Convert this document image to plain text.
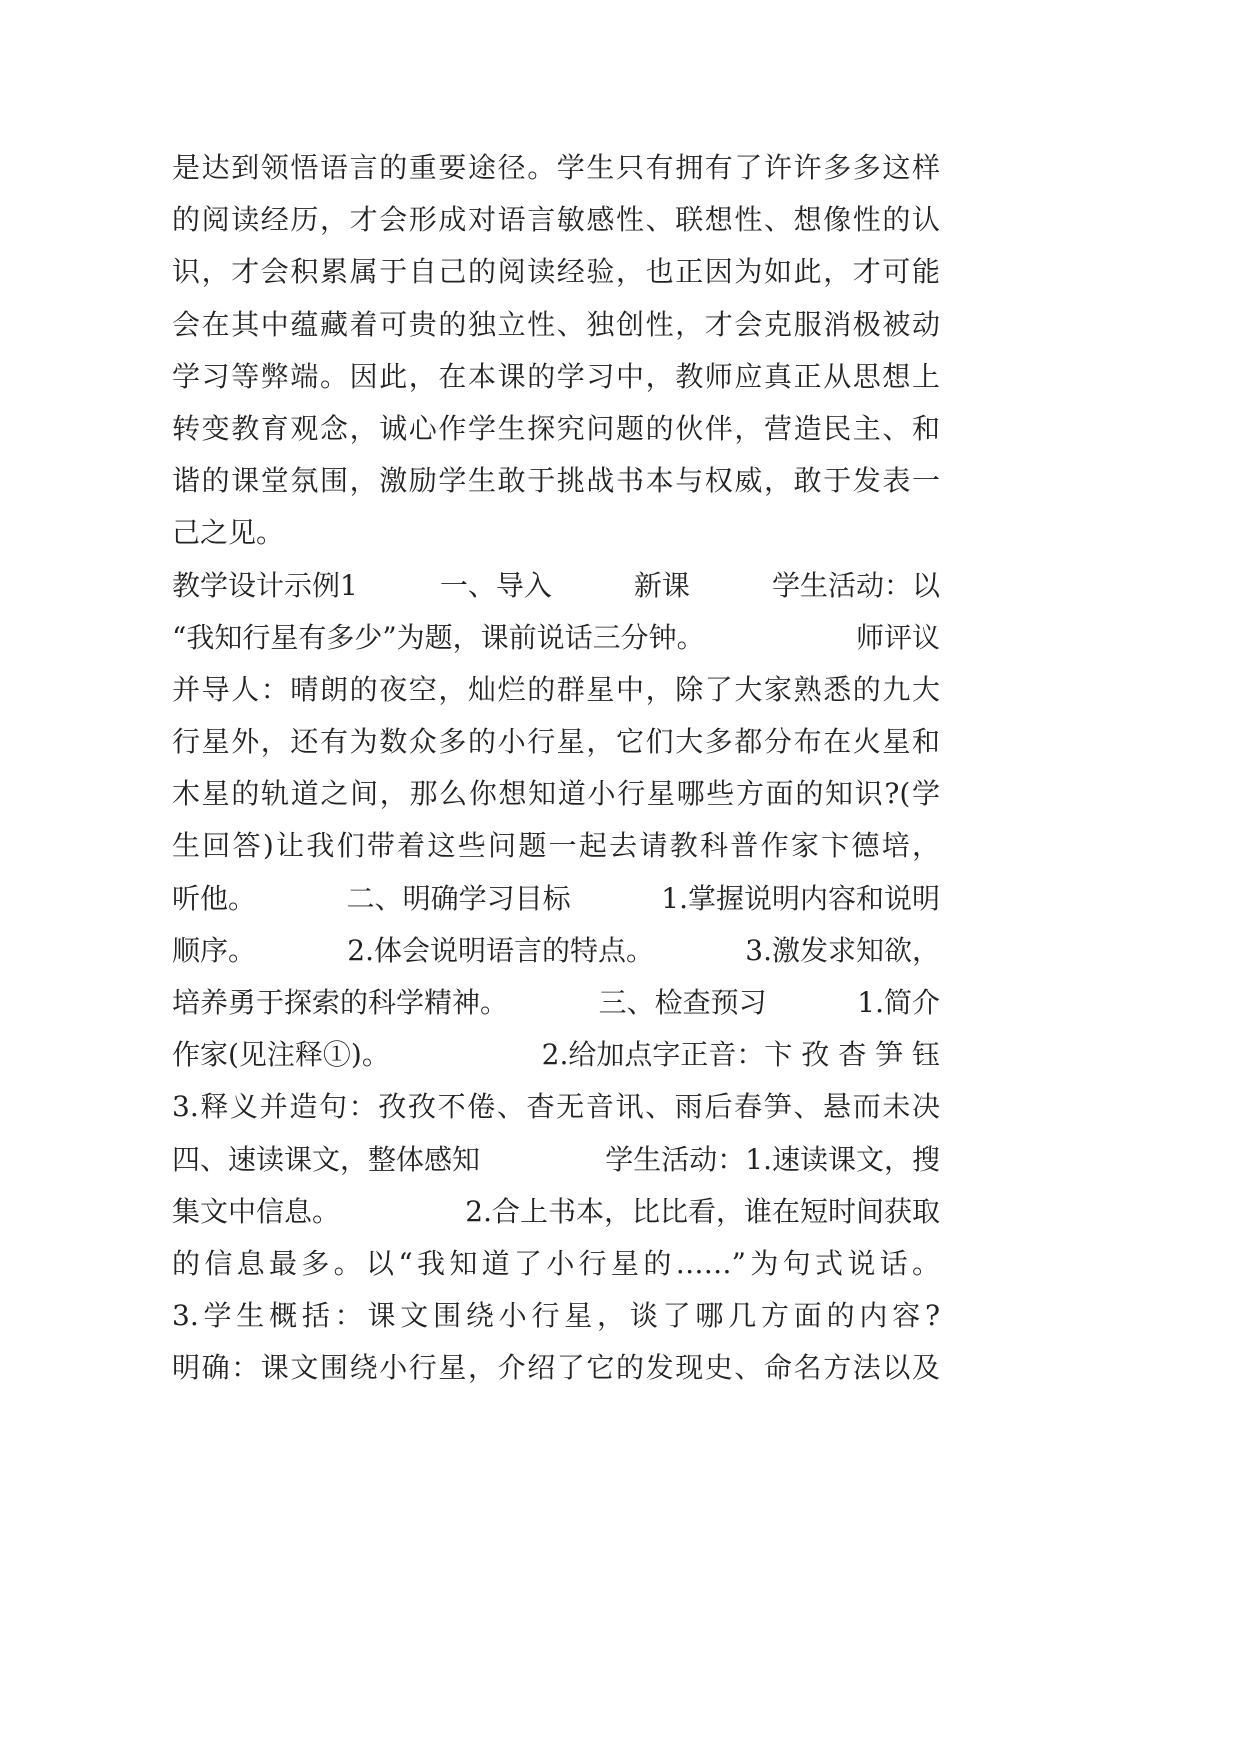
是达到领悟语言的重要途径。学生只有拥有了许许多多这样
的阅读经历，才会形成对语言敏感性、联想性、想像性的认
识，才会积累属于自己的阅读经验，也正因为如此，才可能
会在其中蕴藏着可贵的独立性、独创性，才会克服消极被动
学习等弊端。因此，在本课的学习中，教师应真正从思想上
转变教育观念，诚心作学生探究问题的伙伴，营造民主、和
谐的课堂氛围，激励学生敢于挑战书本与权威，敢于发表一
己之见。
教学设计示例1	一、导入	新课	学生活动：以
“我知行星有多少”为题，课前说话三分钟。	师评议
并导人：晴朗的夜空，灿烂的群星中，除了大家熟悉的九大
行星外，还有为数众多的小行星，它们大多都分布在火星和
木星的轨道之间，那么你想知道小行星哪些方面的知识?(学
生回答)让我们带着这些问题一起去请教科普作家卞德培，
听他。	二、明确学习目标	1.掌握说明内容和说明
顺序。	2.体会说明语言的特点。	3.激发求知欲，
培养勇于探索的科学精神。	三、检查预习	1.简介
作家(见注释①)。	2.给加点字正音：卞 孜 杳 笋 钰
3.释义并造句：孜孜不倦、杳无音讯、雨后春笋、悬而未决
四、速读课文，整体感知	学生活动：1.速读课文，搜
集文中信息。	2.合上书本，比比看，谁在短时间获取
的信息最多。以“我知道了小行星的……”为句式说话。
3.学生概括：课文围绕小行星，谈了哪几方面的内容?
明确：课文围绕小行星，介绍了它的发现史、命名方法以及
